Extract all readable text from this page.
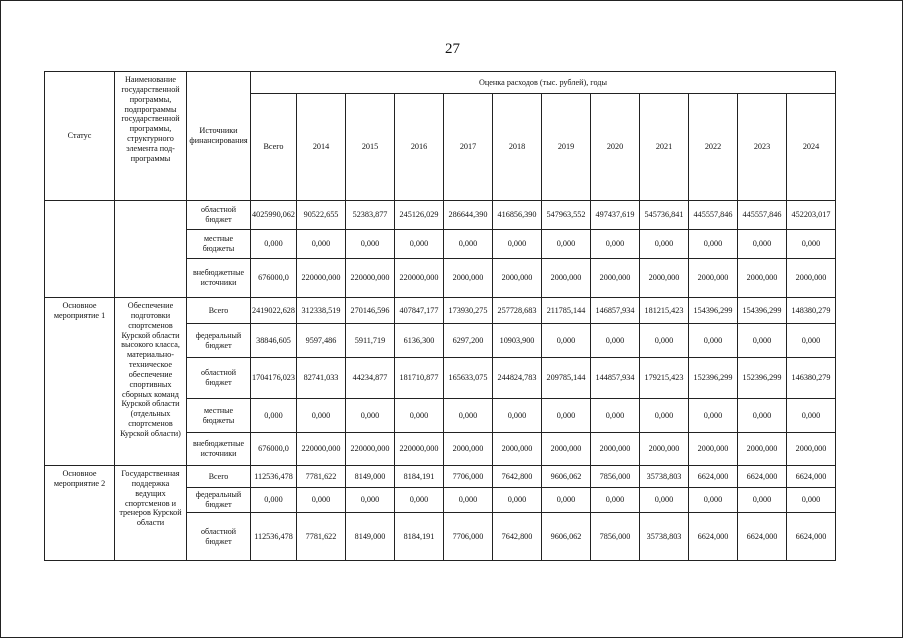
27
Статус	Наименование государственной программы, подпрограммы государственной программы, структурного элемента под-программы	Источники финансирования	Оценка расходов (тыс. рублей), годы											
			Всего	2014	2015	2016	2017	2018	2019	2020	2021	2022	2023	2024
		областной бюджет	4025990,062	90522,655	52383,877	245126,029	286644,390	416856,390	547963,552	497437,619	545736,841	445557,846	445557,846	452203,017
		местные бюджеты	0,000	0,000	0,000	0,000	0,000	0,000	0,000	0,000	0,000	0,000	0,000	0,000
		внебюджетные источники	676000,0	220000,000	220000,000	220000,000	2000,000	2000,000	2000,000	2000,000	2000,000	2000,000	2000,000	2000,000
Основное мероприятие 1	Обеспечение подготовки спортсменов Курской области высокого класса, материально-техническое обеспечение спортивных сборных команд Курской области (отдельных спортсменов Курской области)	Всего	2419022,628	312338,519	270146,596	407847,177	173930,275	257728,683	211785,144	146857,934	181215,423	154396,299	154396,299	148380,279
		федеральный бюджет	38846,605	9597,486	5911,719	6136,300	6297,200	10903,900	0,000	0,000	0,000	0,000	0,000	0,000
		областной бюджет	1704176,023	82741,033	44234,877	181710,877	165633,075	244824,783	209785,144	144857,934	179215,423	152396,299	152396,299	146380,279
		местные бюджеты	0,000	0,000	0,000	0,000	0,000	0,000	0,000	0,000	0,000	0,000	0,000	0,000
		внебюджетные источники	676000,0	220000,000	220000,000	220000,000	2000,000	2000,000	2000,000	2000,000	2000,000	2000,000	2000,000	2000,000
Основное мероприятие 2	Государственная поддержка ведущих спортсменов и тренеров Курской области	Всего	112536,478	7781,622	8149,000	8184,191	7706,000	7642,800	9606,062	7856,000	35738,803	6624,000	6624,000	6624,000
		федеральный бюджет	0,000	0,000	0,000	0,000	0,000	0,000	0,000	0,000	0,000	0,000	0,000	0,000
		областной бюджет	112536,478	7781,622	8149,000	8184,191	7706,000	7642,800	9606,062	7856,000	35738,803	6624,000	6624,000	6624,000
